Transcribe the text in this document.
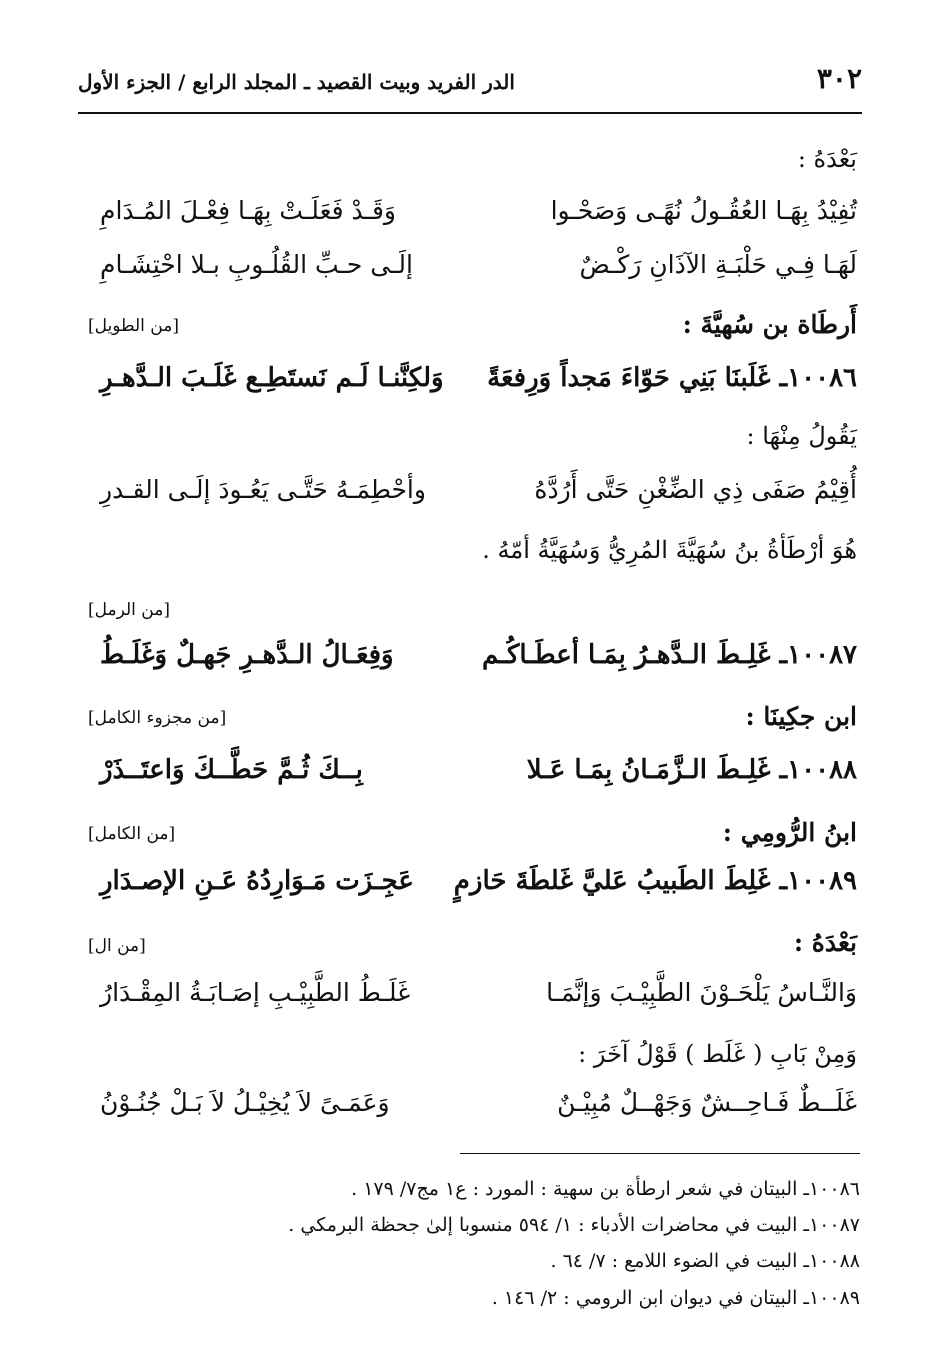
٣٠٢
الدر الفريد وبيت القصيد ـ المجلد الرابع / الجزء الأول
بَعْدَهُ :
تُفِيْدُ بِهَـا العُقُـولُ نُهًـى وَصَحْـوا
وَقَـدْ فَعَلَـتْ بِهَـا فِعْـلَ المُـدَامِ
لَهَـا فِـي حَلْبَـةِ الآذَانِ رَكْـضٌ
إلَـى حـبِّ القُلُـوبِ بـلا احْتِشَـامِ
أَرطَاة بن سُهيَّةَ :
[من الطويل]
١٠٠٨٦ـ غَلَبنَا بَنِي حَوّاءَ مَجداً وَرِفعَةً
وَلكِنَّنـا لَـم نَستَطِـع غَلَـبَ الـدَّهـرِ
يَقُولُ مِنْهَا :
أُقِيْمُ صَفَى ذِي الضِّغْنِ حَتَّى أَرُدَّهُ
وأحْطِمَـهُ حَتَّـى يَعُـودَ إلَـى القـدرِ
هُوَ أرْطَأةُ بنُ سُهَيَّةَ المُرِيُّ وَسُهَيَّةُ أمّهُ .
[من الرمل]
١٠٠٨٧ـ غَلِـطَ الـدَّهـرُ بِمَـا أعطَـاكُـم
وَفِعَـالُ الـدَّهـرِ جَهـلٌ وَغَلَـطُ
ابن جكِينَا :
[من مجزوء الكامل]
١٠٠٨٨ـ غَلِـطَ الـزَّمَـانُ بِمَـا عَـلا
بِــكَ ثُـمَّ حَطَّــكَ وَاعتَــذَرْ
ابنُ الرُّومِي :
[من الكامل]
١٠٠٨٩ـ غَلِطَ الطَبيبُ عَليَّ غَلطَةَ حَازمٍ
عَجِـزَت مَـوَارِدُهُ عَـنِ الإصـدَارِ
بَعْدَهُ :
[من ال]
وَالنَّـاسُ يَلْحَـوْنَ الطَّبِيْـبَ وَإنَّمَـا
غَلَـطُ الطَّبِيْـبِ إصَـابَـةُ المِقْـدَارُ
وَمِنْ بَابِ ( غَلَط ) قَوْلُ آخَرَ :
غَلَــطٌ فَـاحِــشٌ وَجَهْــلٌ مُبِيْـنٌ
وَعَمَـىً لاَ يُخِيْـلُ لاَ بَـلْ جُنُـوْنُ
١٠٠٨٦ـ البيتان في شعر ارطأة بن سهية : المورد : ع١ مج٧/ ١٧٩ .
١٠٠٨٧ـ البيت في محاضرات الأدباء : ١/ ٥٩٤ منسوبا إلىٰ جحظة البرمكي .
١٠٠٨٨ـ البيت في الضوء اللامع : ٧/ ٦٤ .
١٠٠٨٩ـ البيتان في ديوان ابن الرومي : ٢/ ١٤٦ .
